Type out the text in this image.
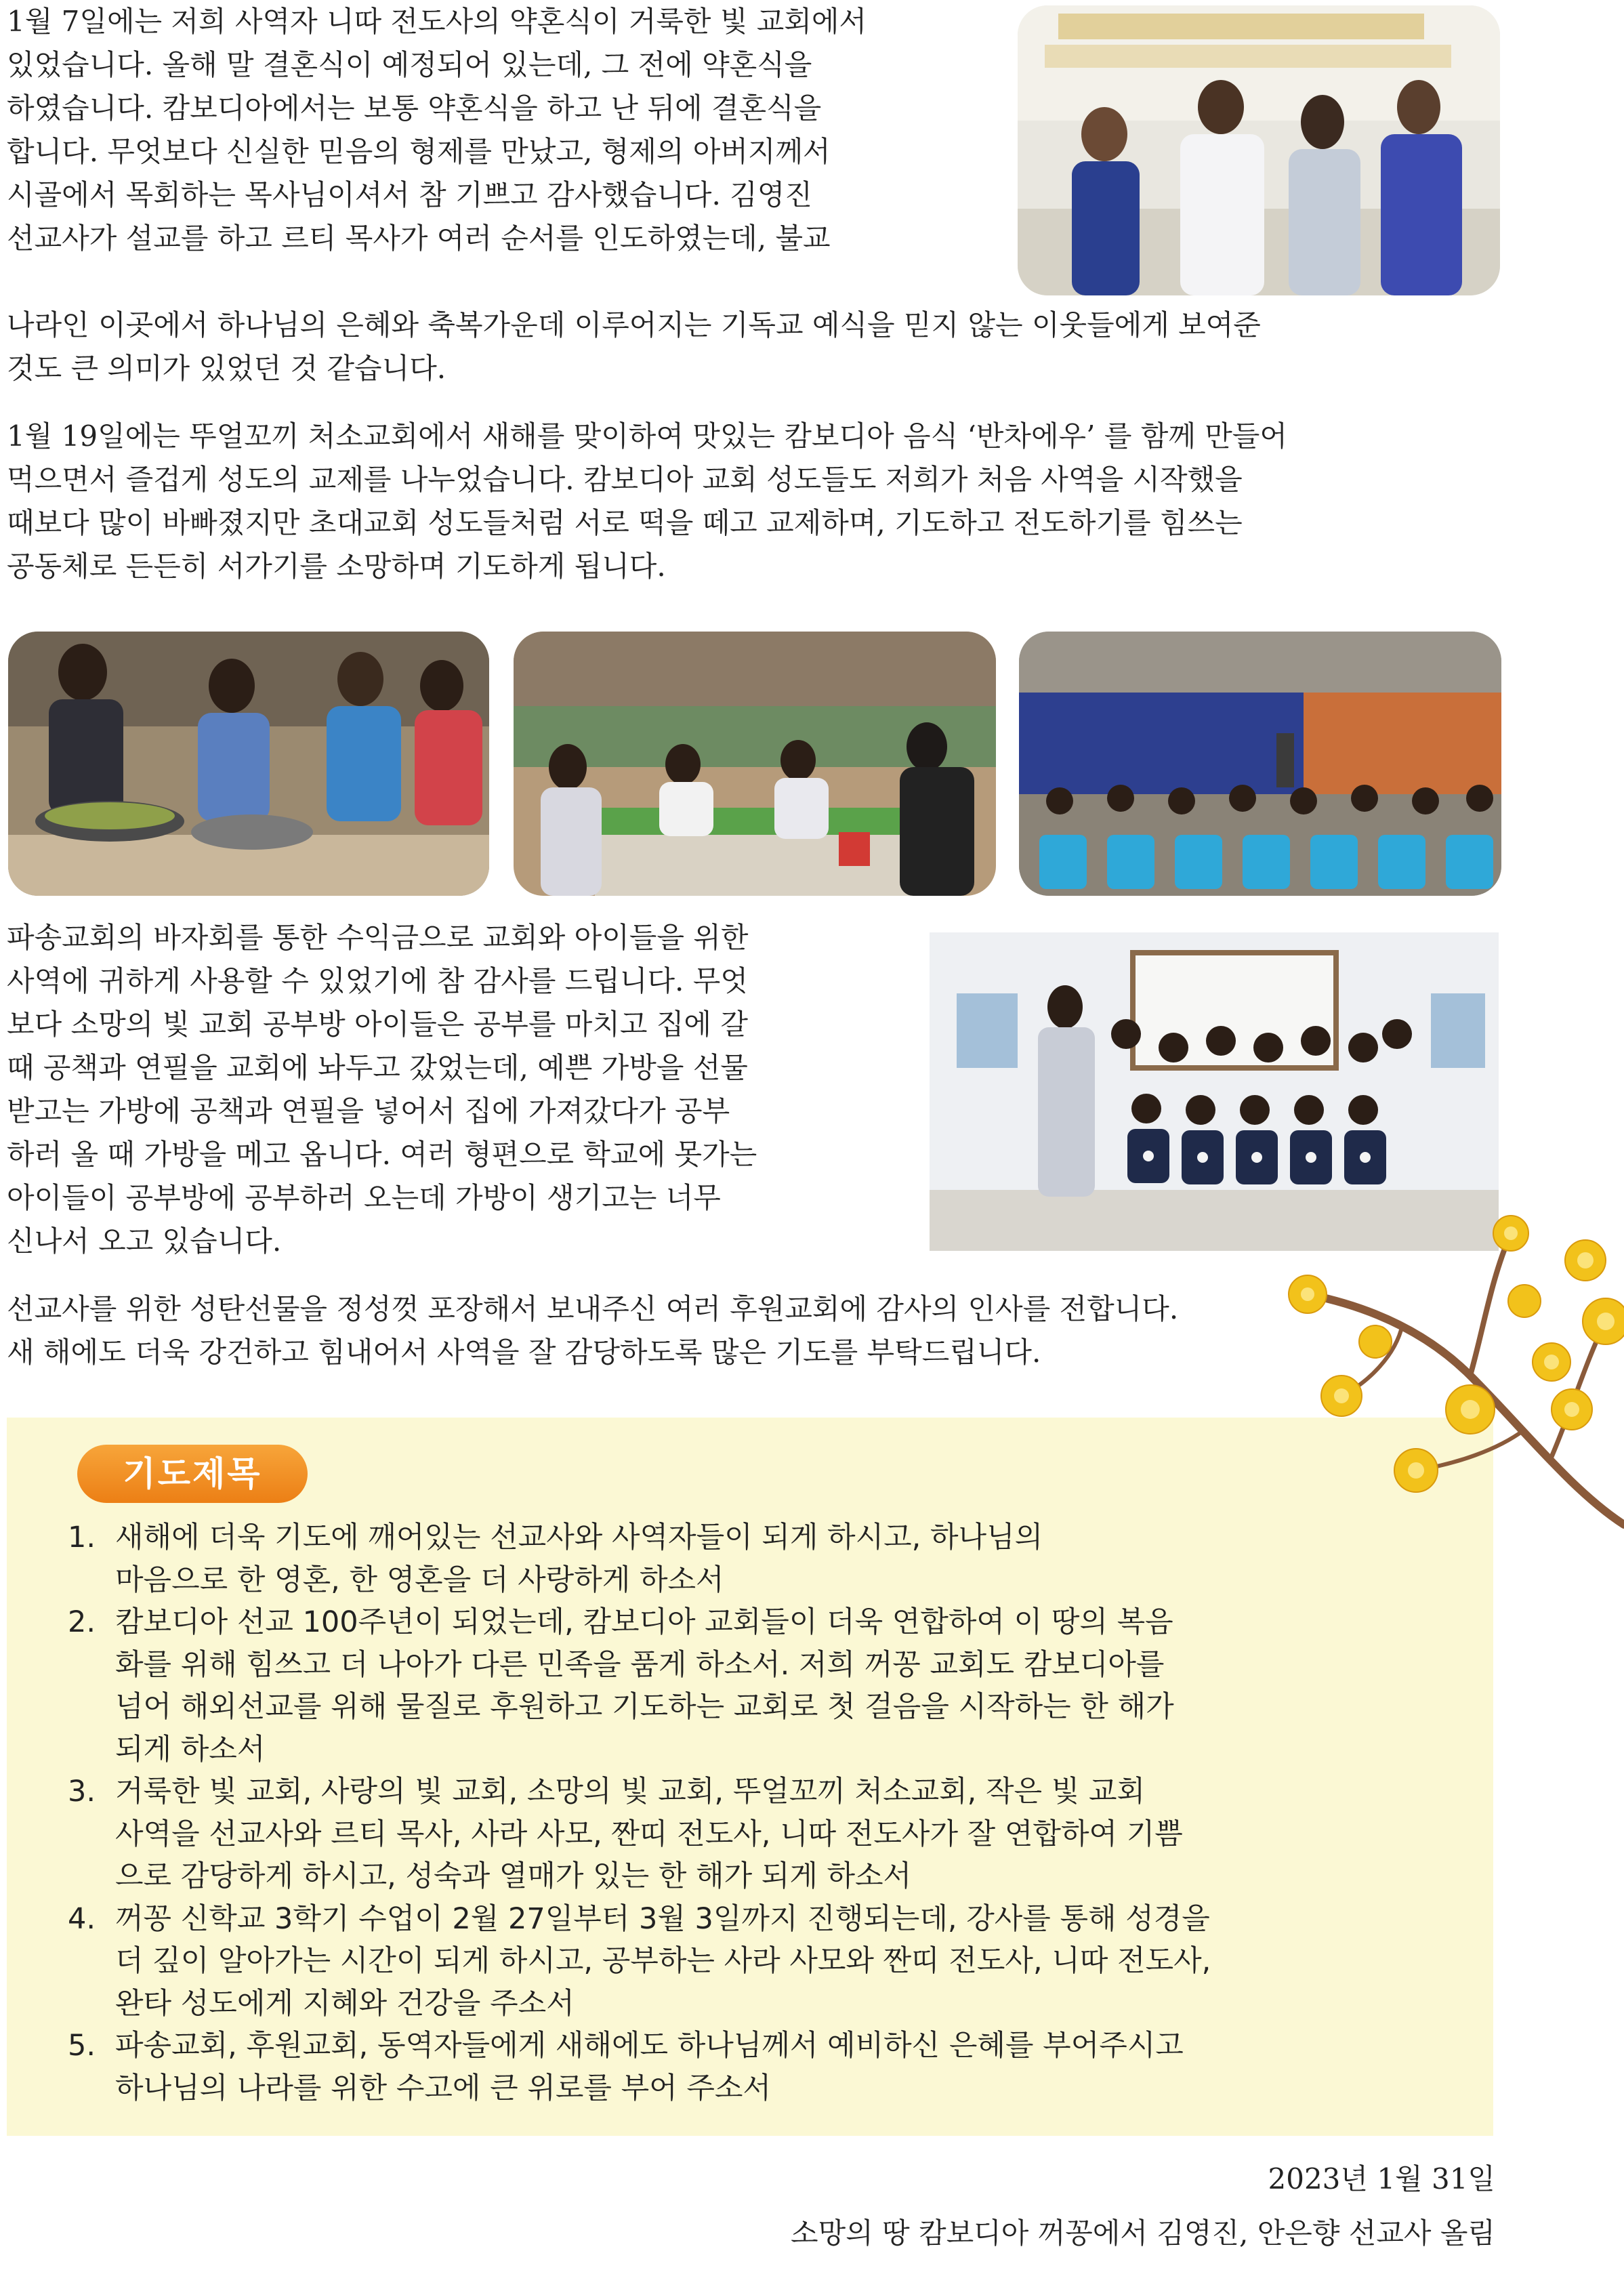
1월 7일에는 저희 사역자 니따 전도사의 약혼식이 거룩한 빛 교회에서
있었습니다. 올해 말 결혼식이 예정되어 있는데, 그 전에 약혼식을
하였습니다. 캄보디아에서는 보통 약혼식을 하고 난 뒤에 결혼식을
합니다. 무엇보다 신실한 믿음의 형제를 만났고, 형제의 아버지께서
시골에서 목회하는 목사님이셔서 참 기쁘고 감사했습니다. 김영진
선교사가 설교를 하고 르티 목사가 여러 순서를 인도하였는데, 불교

나라인 이곳에서 하나님의 은혜와 축복가운데 이루어지는 기독교 예식을 믿지 않는 이웃들에게 보여준
것도 큰 의미가 있었던 것 같습니다.

1월 19일에는 뚜얼꼬끼 처소교회에서 새해를 맞이하여 맛있는 캄보디아 음식 ‘반차에우’ 를 함께 만들어
먹으면서 즐겁게 성도의 교제를 나누었습니다. 캄보디아 교회 성도들도 저희가 처음 사역을 시작했을
때보다 많이 바빠졌지만 초대교회 성도들처럼 서로 떡을 떼고 교제하며, 기도하고 전도하기를 힘쓰는
공동체로 든든히 서가기를 소망하며 기도하게 됩니다.

파송교회의 바자회를 통한 수익금으로 교회와 아이들을 위한
사역에 귀하게 사용할 수 있었기에 참 감사를 드립니다. 무엇
보다 소망의 빛 교회 공부방 아이들은 공부를 마치고 집에 갈
때 공책과 연필을 교회에 놔두고 갔었는데, 예쁜 가방을 선물
받고는 가방에 공책과 연필을 넣어서 집에 가져갔다가 공부
하러 올 때 가방을 메고 옵니다. 여러 형편으로 학교에 못가는
아이들이 공부방에 공부하러 오는데 가방이 생기고는 너무
신나서 오고 있습니다.

선교사를 위한 성탄선물을 정성껏 포장해서 보내주신 여러 후원교회에 감사의 인사를 전합니다.
새 해에도 더욱 강건하고 힘내어서 사역을 잘 감당하도록 많은 기도를 부탁드립니다.

기도제목
1. 새해에 더욱 기도에 깨어있는 선교사와 사역자들이 되게 하시고, 하나님의
마음으로 한 영혼, 한 영혼을 더 사랑하게 하소서
2. 캄보디아 선교 100주년이 되었는데, 캄보디아 교회들이 더욱 연합하여 이 땅의 복음
화를 위해 힘쓰고 더 나아가 다른 민족을 품게 하소서. 저희 꺼꽁 교회도 캄보디아를
넘어 해외선교를 위해 물질로 후원하고 기도하는 교회로 첫 걸음을 시작하는 한 해가
되게 하소서
3. 거룩한 빛 교회, 사랑의 빛 교회, 소망의 빛 교회, 뚜얼꼬끼 처소교회, 작은 빛 교회
사역을 선교사와 르티 목사, 사라 사모, 짠띠 전도사, 니따 전도사가 잘 연합하여 기쁨
으로 감당하게 하시고, 성숙과 열매가 있는 한 해가 되게 하소서
4. 꺼꽁 신학교 3학기 수업이 2월 27일부터 3월 3일까지 진행되는데, 강사를 통해 성경을
더 깊이 알아가는 시간이 되게 하시고, 공부하는 사라 사모와 짠띠 전도사, 니따 전도사,
완타 성도에게 지혜와 건강을 주소서
5. 파송교회, 후원교회, 동역자들에게 새해에도 하나님께서 예비하신 은혜를 부어주시고
하나님의 나라를 위한 수고에 큰 위로를 부어 주소서
2023년 1월 31일
소망의 땅 캄보디아 꺼꽁에서 김영진, 안은향 선교사 올림
